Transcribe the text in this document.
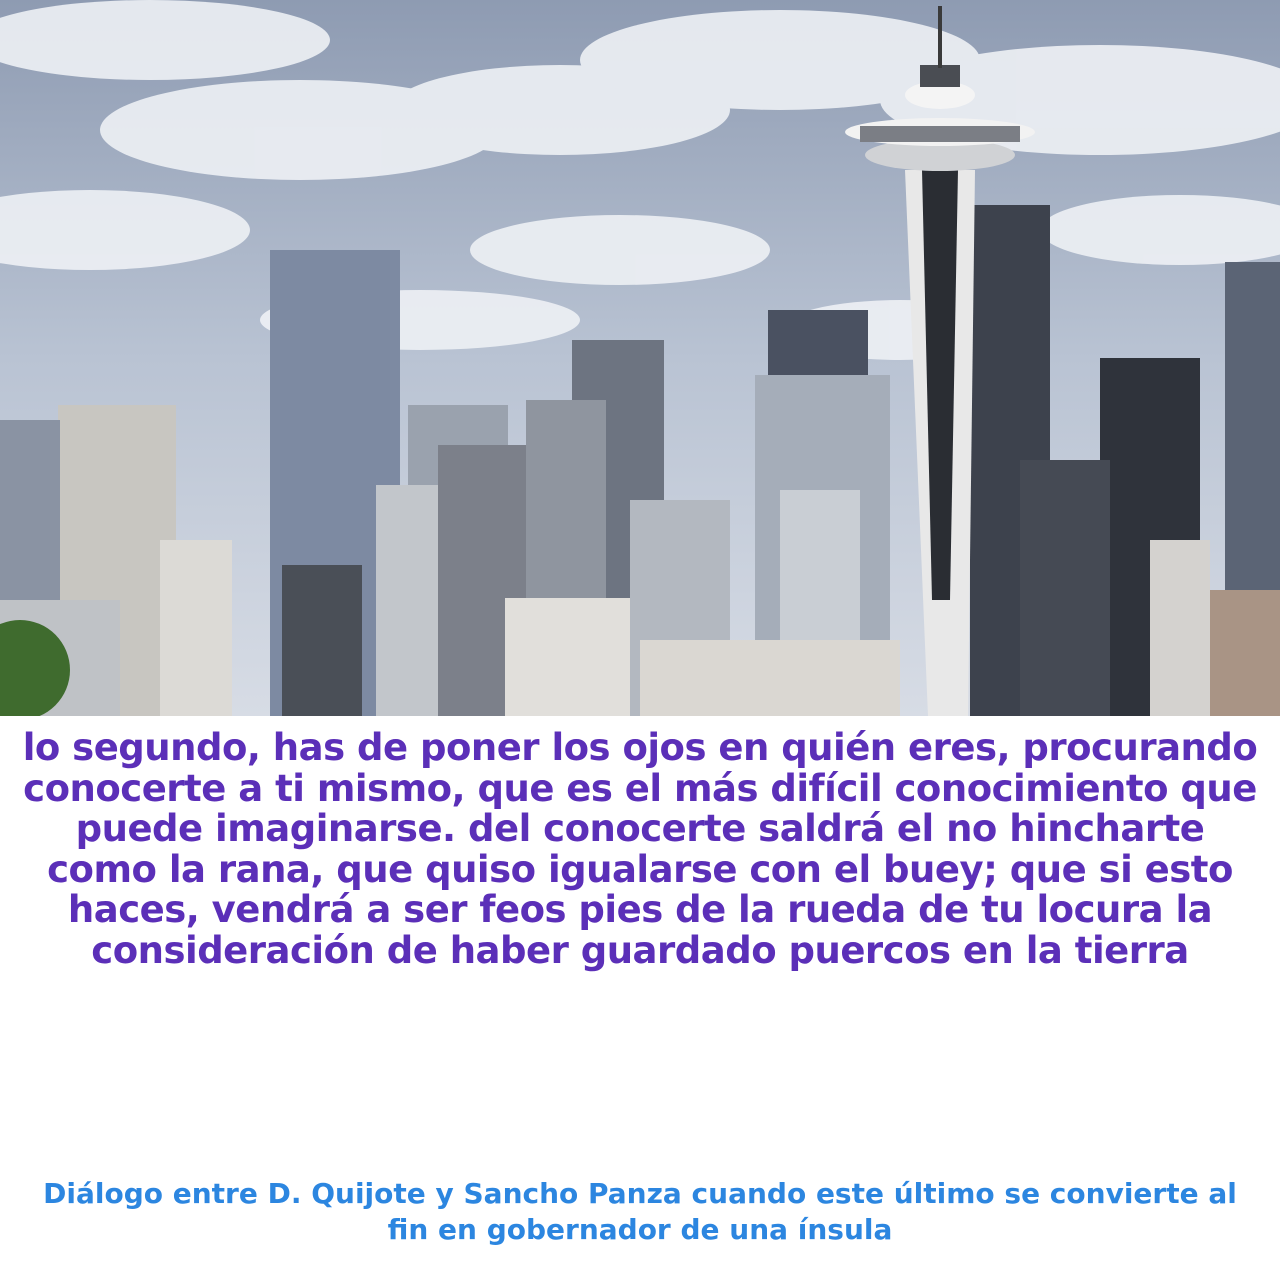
lo segundo, has de poner los ojos en quién eres, procurando conocerte a ti mismo, que es el más difícil conocimiento que puede imaginarse. del conocerte saldrá el no hincharte como la rana, que quiso igualarse con el buey; que si esto haces, vendrá a ser feos pies de la rueda de tu locura la consideración de haber guardado puercos en la tierra
Diálogo entre D. Quijote y Sancho Panza cuando este último se convierte al fin en gobernador de una ínsula
